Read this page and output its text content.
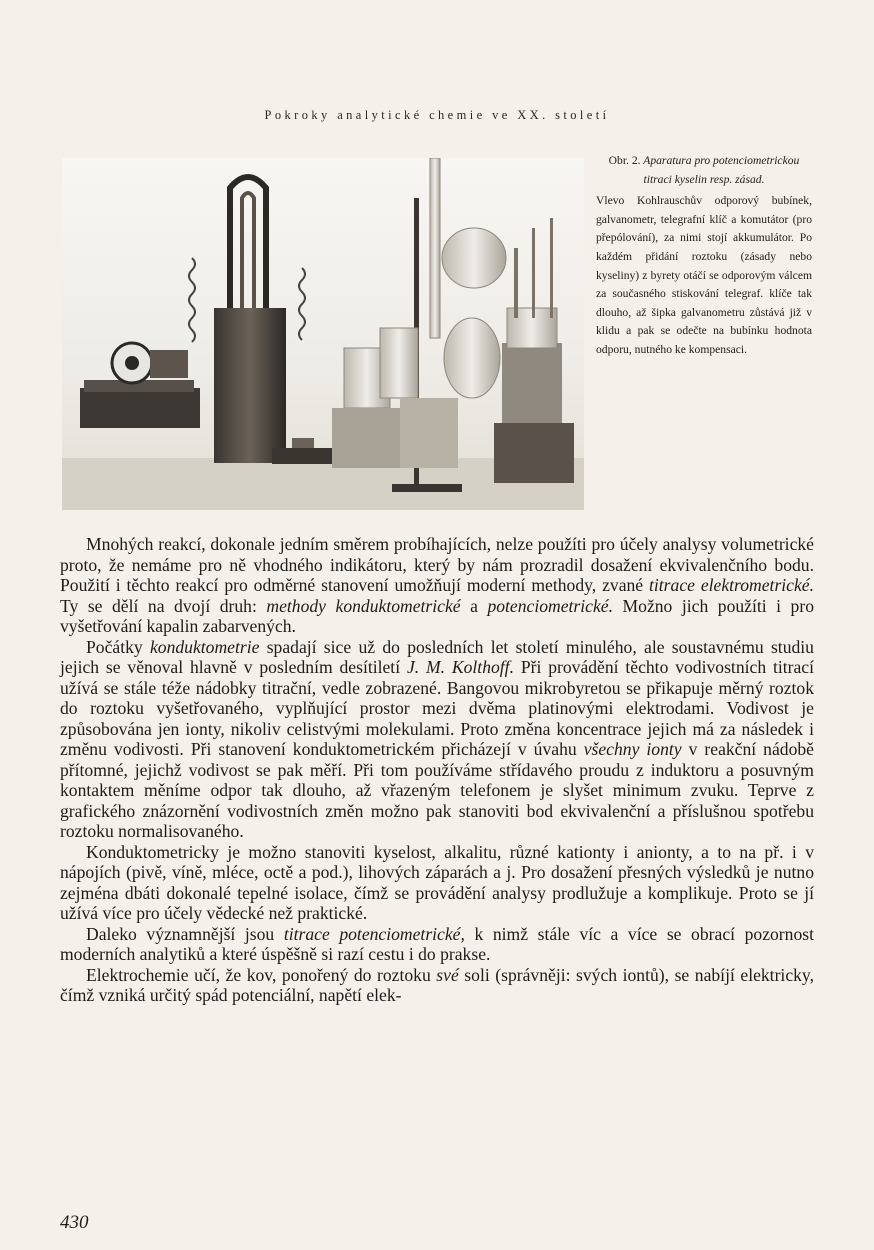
Pokroky analytické chemie ve XX. století
Obr. 2. Aparatura pro potenciometrickou titraci kyselin resp. zásad.
Vlevo Kohlrauschův odporový bubínek, galvanometr, telegrafní klíč a komutátor (pro přepólování), za nimi stojí akkumulátor. Po každém přidání roztoku (zásady nebo kyseliny) z byrety otáčí se odporovým válcem za současného stiskování telegraf. klíče tak dlouho, až šipka galvanometru zůstává již v klidu a pak se odečte na bubínku hodnota odporu, nutného ke kompensaci.

Mnohých reakcí, dokonale jedním směrem probíhajících, nelze použíti pro účely analysy volumetrické proto, že nemáme pro ně vhodného indikátoru, který by nám prozradil dosažení ekvivalenčního bodu. Použití i těchto reakcí pro odměrné stanovení umožňují moderní methody, zvané titrace elektrometrické. Ty se dělí na dvojí druh: methody konduktometrické a potenciometrické. Možno jich použíti i pro vyšetřování kapalin zabarvených.

Počátky konduktometrie spadají sice už do posledních let století minulého, ale soustavnému studiu jejich se věnoval hlavně v posledním desítiletí J. M. Kolthoff. Při provádění těchto vodivostních titrací užívá se stále téže nádobky titrační, vedle zobrazené. Bangovou mikrobyretou se přikapuje měrný roztok do roztoku vyšetřovaného, vyplňující prostor mezi dvěma platinovými elektrodami. Vodivost je způsobována jen ionty, nikoliv celistvými molekulami. Proto změna koncentrace jejich má za následek i změnu vodivosti. Při stanovení konduktometrickém přicházejí v úvahu všechny ionty v reakční nádobě přítomné, jejichž vodivost se pak měří. Při tom používáme střídavého proudu z induktoru a posuvným kontaktem měníme odpor tak dlouho, až vřazeným telefonem je slyšet minimum zvuku. Teprve z grafického znázornění vodivostních změn možno pak stanoviti bod ekvivalenční a příslušnou spotřebu roztoku normalisovaného.

Konduktometricky je možno stanoviti kyselost, alkalitu, různé kationty i anionty, a to na př. i v nápojích (pivě, víně, mlécе, octě a pod.), lihových záparách a j. Pro dosažení přesných výsledků je nutno zejména dbáti dokonalé tepelné isolace, čímž se provádění analysy prodlužuje a komplikuje. Proto se jí užívá více pro účely vědecké než praktické.

Daleko významnější jsou titrace potenciometrické, k nimž stále víc a více se obrací pozornost moderních analytiků a které úspěšně si razí cestu i do prakse.

Elektrochemie učí, že kov, ponořený do roztoku své soli (správněji: svých iontů), se nabíjí elektricky, čímž vzniká určitý spád potenciální, napětí elek-

430
